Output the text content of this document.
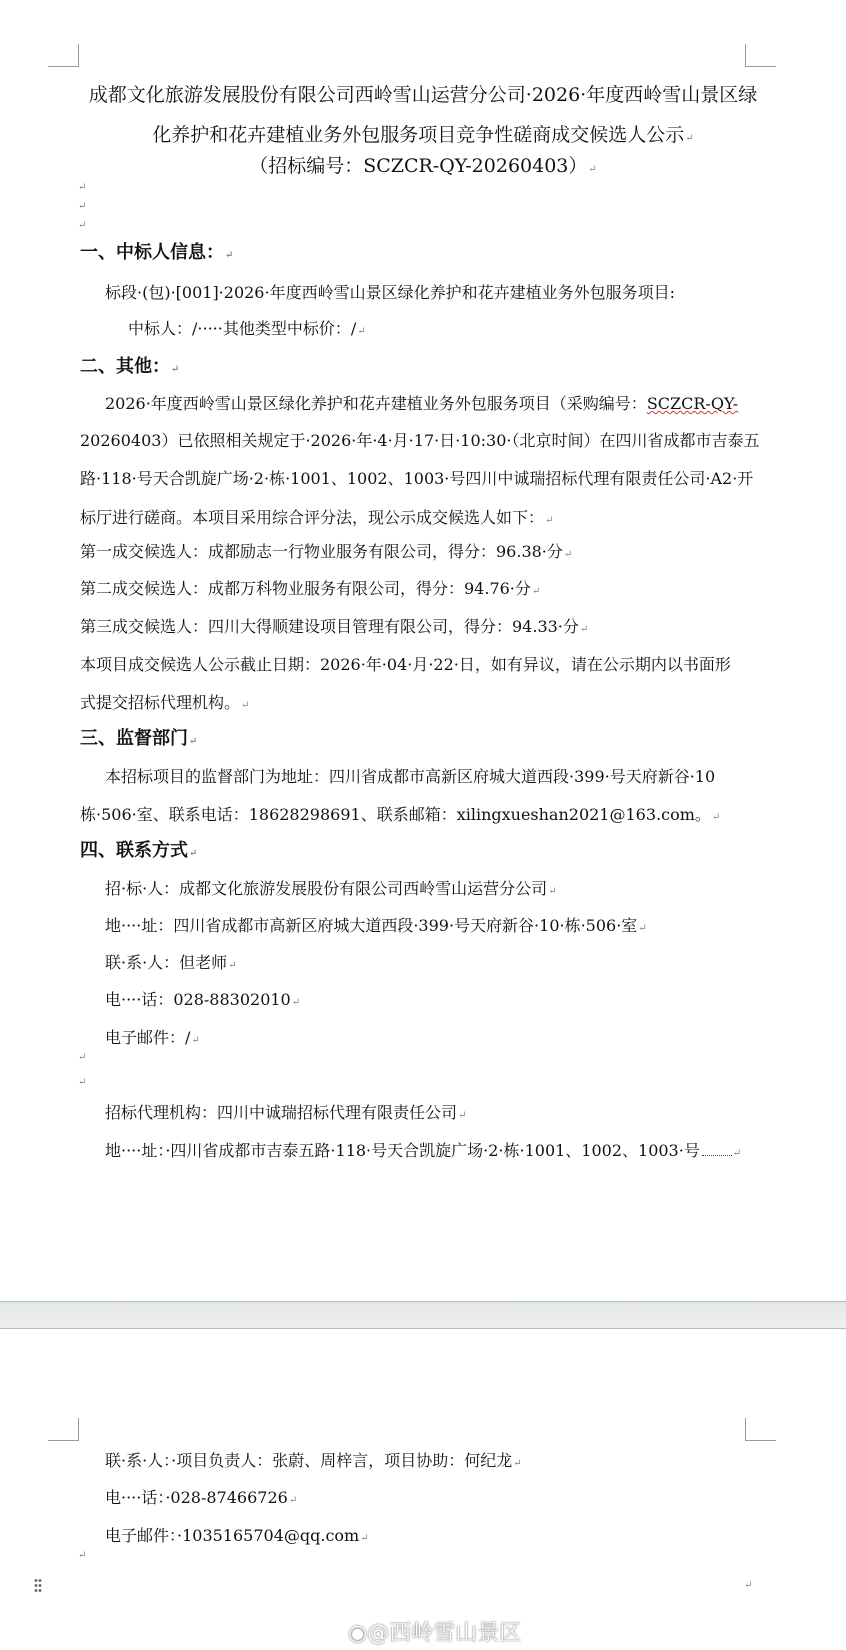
成都文化旅游发展股份有限公司西岭雪山运营分公司·2026·年度西岭雪山景区绿
化养护和花卉建植业务外包服务项目竞争性磋商成交候选人公示 ↵
（招标编号：SCZCR-QY-20260403） ↵
↵
↵
↵
一、中标人信息： ↵
标段·(包)·[001]·2026·年度西岭雪山景区绿化养护和花卉建植业务外包服务项目:
中标人：/·····其他类型中标价：/ ↵
二、其他： ↵
2026·年度西岭雪山景区绿化养护和花卉建植业务外包服务项目（采购编号：SCZCR-QY-
20260403）已依照相关规定于·2026·年·4·月·17·日·10:30·（北京时间）在四川省成都市吉泰五
路·118·号天合凯旋广场·2·栋·1001、1002、1003·号四川中诚瑞招标代理有限责任公司·A2·开
标厅进行磋商。本项目采用综合评分法，现公示成交候选人如下： ↵
第一成交候选人：成都励志一行物业服务有限公司，得分：96.38·分 ↵
第二成交候选人：成都万科物业服务有限公司，得分：94.76·分 ↵
第三成交候选人：四川大得顺建设项目管理有限公司，得分：94.33·分 ↵
本项目成交候选人公示截止日期：2026·年·04·月·22·日，如有异议，请在公示期内以书面形
式提交招标代理机构。 ↵
三、监督部门 ↵
本招标项目的监督部门为地址：四川省成都市高新区府城大道西段·399·号天府新谷·10
栋·506·室、联系电话：18628298691、联系邮箱：xilingxueshan2021@163.com。 ↵
四、联系方式 ↵
招·标·人：成都文化旅游发展股份有限公司西岭雪山运营分公司 ↵
地····址：四川省成都市高新区府城大道西段·399·号天府新谷·10·栋·506·室 ↵
联·系·人：但老师 ↵
电····话：028-88302010 ↵
电子邮件：/ ↵
↵
↵
招标代理机构：四川中诚瑞招标代理有限责任公司 ↵
地····址：·四川省成都市吉泰五路·118·号天合凯旋广场·2·栋·1001、1002、1003·号 ↵
联·系·人：·项目负责人：张蔚、周梓言，项目协助：何纪龙 ↵
电····话：·028-87466726 ↵
电子邮件：·1035165704@qq.com ↵
↵
↵
◉@西岭雪山景区
